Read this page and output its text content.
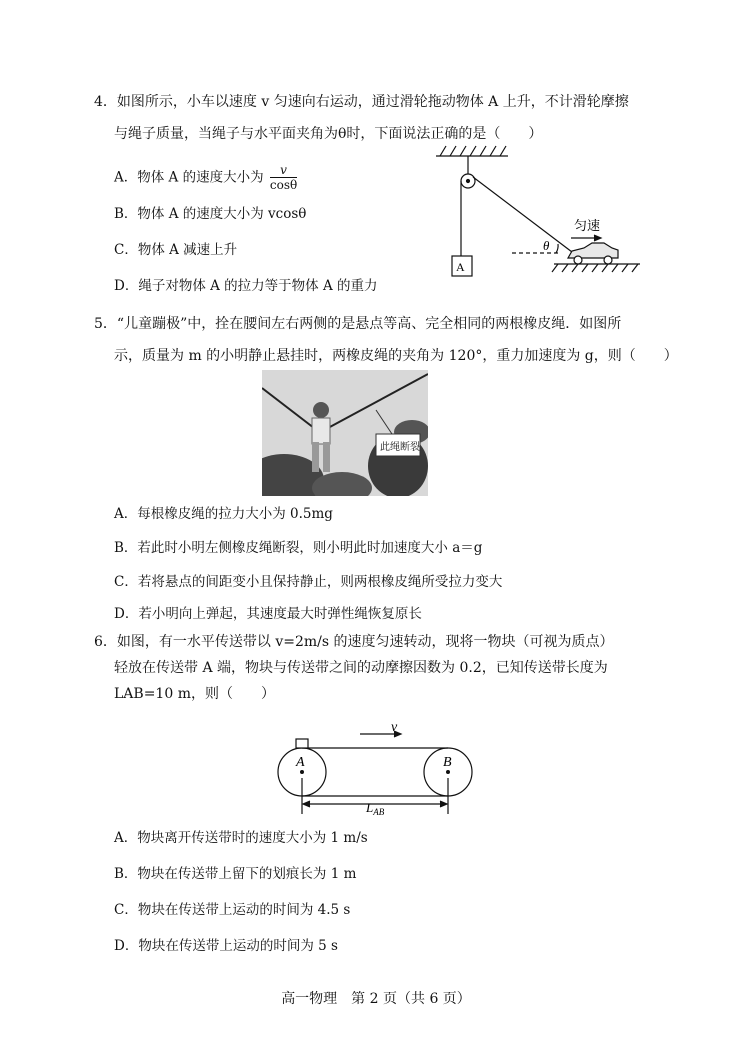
4．如图所示，小车以速度 v 匀速向右运动，通过滑轮拖动物体 A 上升，不计滑轮摩擦
与绳子质量，当绳子与水平面夹角为θ时，下面说法正确的是（　　）
A．物体 A 的速度大小为 $\frac{v}{\cos\theta}$
B．物体 A 的速度大小为 vcosθ
C．物体 A 减速上升
D．绳子对物体 A 的拉力等于物体 A 的重力
A
匀速
θ
5．“儿童蹦极”中，拴在腰间左右两侧的是悬点等高、完全相同的两根橡皮绳．如图所
示，质量为 m 的小明静止悬挂时，两橡皮绳的夹角为 120°，重力加速度为 g，则（　　）
此绳断裂
A．每根橡皮绳的拉力大小为 0.5mg
B．若此时小明左侧橡皮绳断裂，则小明此时加速度大小 a＝g
C．若将悬点的间距变小且保持静止，则两根橡皮绳所受拉力变大
D．若小明向上弹起，其速度最大时弹性绳恢复原长
6．如图，有一水平传送带以 v=2m/s 的速度匀速转动，现将一物块（可视为质点）
轻放在传送带 A 端，物块与传送带之间的动摩擦因数为 0.2，已知传送带长度为
LAB=10 m，则（　　）
v
A	B
$L_{AB}$
A．物块离开传送带时的速度大小为 1 m/s
B．物块在传送带上留下的划痕长为 1 m
C．物块在传送带上运动的时间为 4.5 s
D．物块在传送带上运动的时间为 5 s
高一物理　第 2 页（共 6 页）
